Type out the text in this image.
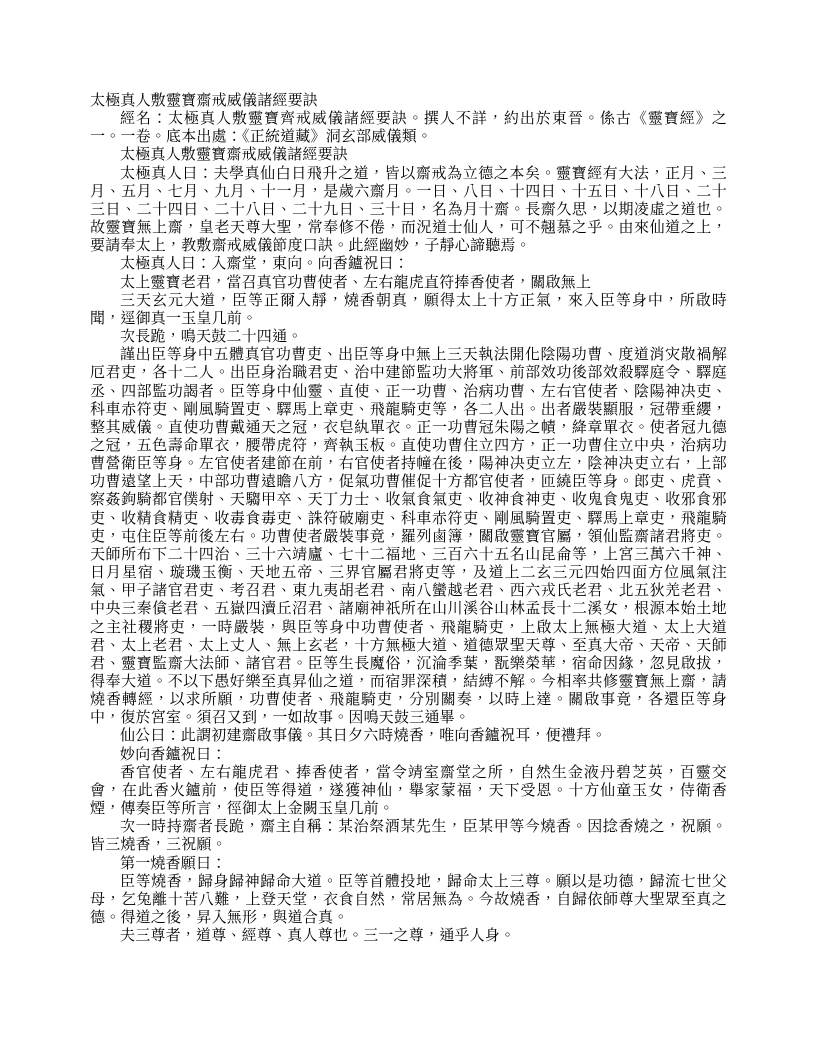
太極真人敷靈寶齋戒威儀諸經要訣

經名：太極真人敷靈寶齊戒威儀諸經要訣。撰人不詳，約出於東晉。係古《靈寶經》之一。一卷。底本出處：《正統道藏》洞玄部威儀類。

太極真人敷靈寶齋戒威儀諸經要訣

太極真人曰：夫學真仙白日飛升之道，皆以齋戒為立德之本矣。靈寶經有大法，正月、三月、五月、七月、九月、十一月，是歲六齋月。一日、八日、十四日、十五日、十八日、二十三日、二十四日、二十八日、二十九日、三十日，名為月十齋。長齋久思，以期凌虛之道也。故靈寶無上齋，皇老天尊大聖，常奉修不倦，而況道士仙人，可不翹慕之乎。由來仙道之上，要請奉太上，教敷齋戒威儀節度口訣。此經幽妙，子靜心諦聽焉。

太極真人曰：入齋堂，東向。向香鑪祝曰：

太上靈寶老君，當召真官功曹使者、左右龍虎直符捧香使者，關啟無上

三天玄元大道，臣等正爾入靜，燒香朝真，願得太上十方正氣，來入臣等身中，所啟時聞，逕御真一玉皇几前。

次長跪，鳴天鼓二十四通。

謹出臣等身中五體真官功曹吏、出臣等身中無上三天執法開化陰陽功曹、度道消灾散禍解厄君吏，各十二人。出臣身治職君吏、治中建節監功大將軍、前部效功後部效殺驛庭令、驛庭丞、四部監功謁者。臣等身中仙靈、直使、正一功曹、治病功曹、左右官使者、陰陽神决吏、科車赤符吏、剛風騎置吏、驛馬上章吏、飛龍騎吏等，各二人出。出者嚴裝顯服，冠帶垂纓，整其威儀。直使功曹戴通天之冠，衣皂紈單衣。正一功曹冠朱陽之幘，絳章單衣。使者冠九德之冠，五色壽命單衣，腰帶虎符，齊執玉板。直使功曹住立四方，正一功曹住立中央，治病功曹營衛臣等身。左官使者建節在前，右官使者持幢在後，陽神决吏立左，陰神决吏立右，上部功曹遠望上天，中部功曹遠瞻八方，促氣功曹催促十方都官使者，匝繞臣等身。郎吏、虎賁、察姦鉤騎都官僕射、天騶甲卒、天丁力士、收氣食氣吏、收神食神吏、收鬼食鬼吏、收邪食邪吏、收精食精吏、收毒食毒吏、誅符破廟吏、科車赤符吏、剛風騎置吏、驛馬上章吏，飛龍騎吏，屯住臣等前後左右。功曹使者嚴裝事竟，羅列鹵簿，關啟靈寶官屬，領仙監齋諸君將吏。天師所布下二十四治、三十六靖廬、七十二福地、三百六十五名山昆侖等，上宮三萬六千神、日月星宿、璇璣玉衡、天地五帝、三界官屬君將吏等，及道上二玄三元四始四面方位風氣注氣、甲子諸官君吏、考召君、東九夷胡老君、南八蠻越老君、西六戎氏老君、北五狄羌老君、中央三秦僋老君、五嶽四瀆丘沼君、諸廟神祇所在山川溪谷山林孟長十二溪女，根源本始土地之主社稷將吏，一時嚴裝，與臣等身中功曹使者、飛龍騎吏，上啟太上無極大道、太上大道君、太上老君、太上丈人、無上玄老，十方無極大道、道德眾聖天尊、至真大帝、天帝、天師君、靈寶監齋大法師、諸官君。臣等生長魔俗，沉淪季葉，翫樂榮華，宿命因緣，忽見啟拔，得奉大道。不以下愚好樂至真昇仙之道，而宿罪深積，結縛不解。今相率共修靈寶無上齋，請燒香轉經，以求所願，功曹使者、飛龍騎吏，分別關奏，以時上達。關啟事竟，各還臣等身中，復於宮室。須召又到，一如故事。因鳴天鼓三通畢。

仙公曰：此謂初建齋啟事儀。其日夕六時燒香，唯向香鑪祝耳，便禮拜。

妙向香鑪祝曰：

香官使者、左右龍虎君、捧香使者，當令靖室齋堂之所，自然生金液丹碧芝英，百靈交會，在此香火鑪前，使臣等得道，遂獲神仙，舉家蒙福，天下受恩。十方仙童玉女，侍衛香煙，傳奏臣等所言，徑御太上金闕玉皇几前。

次一時持齋者長跪，齋主自稱：某治祭酒某先生，臣某甲等今燒香。因捻香燒之，祝願。皆三燒香，三祝願。

第一燒香願曰：

臣等燒香，歸身歸神歸命大道。臣等首體投地，歸命太上三尊。願以是功德，歸流七世父母，乞兔離十苦八難，上登天堂，衣食自然，常居無為。今故燒香，自歸依師尊大聖眾至真之德。得道之後，昇入無形，與道合真。

夫三尊者，道尊、經尊、真人尊也。三一之尊，通乎人身。
